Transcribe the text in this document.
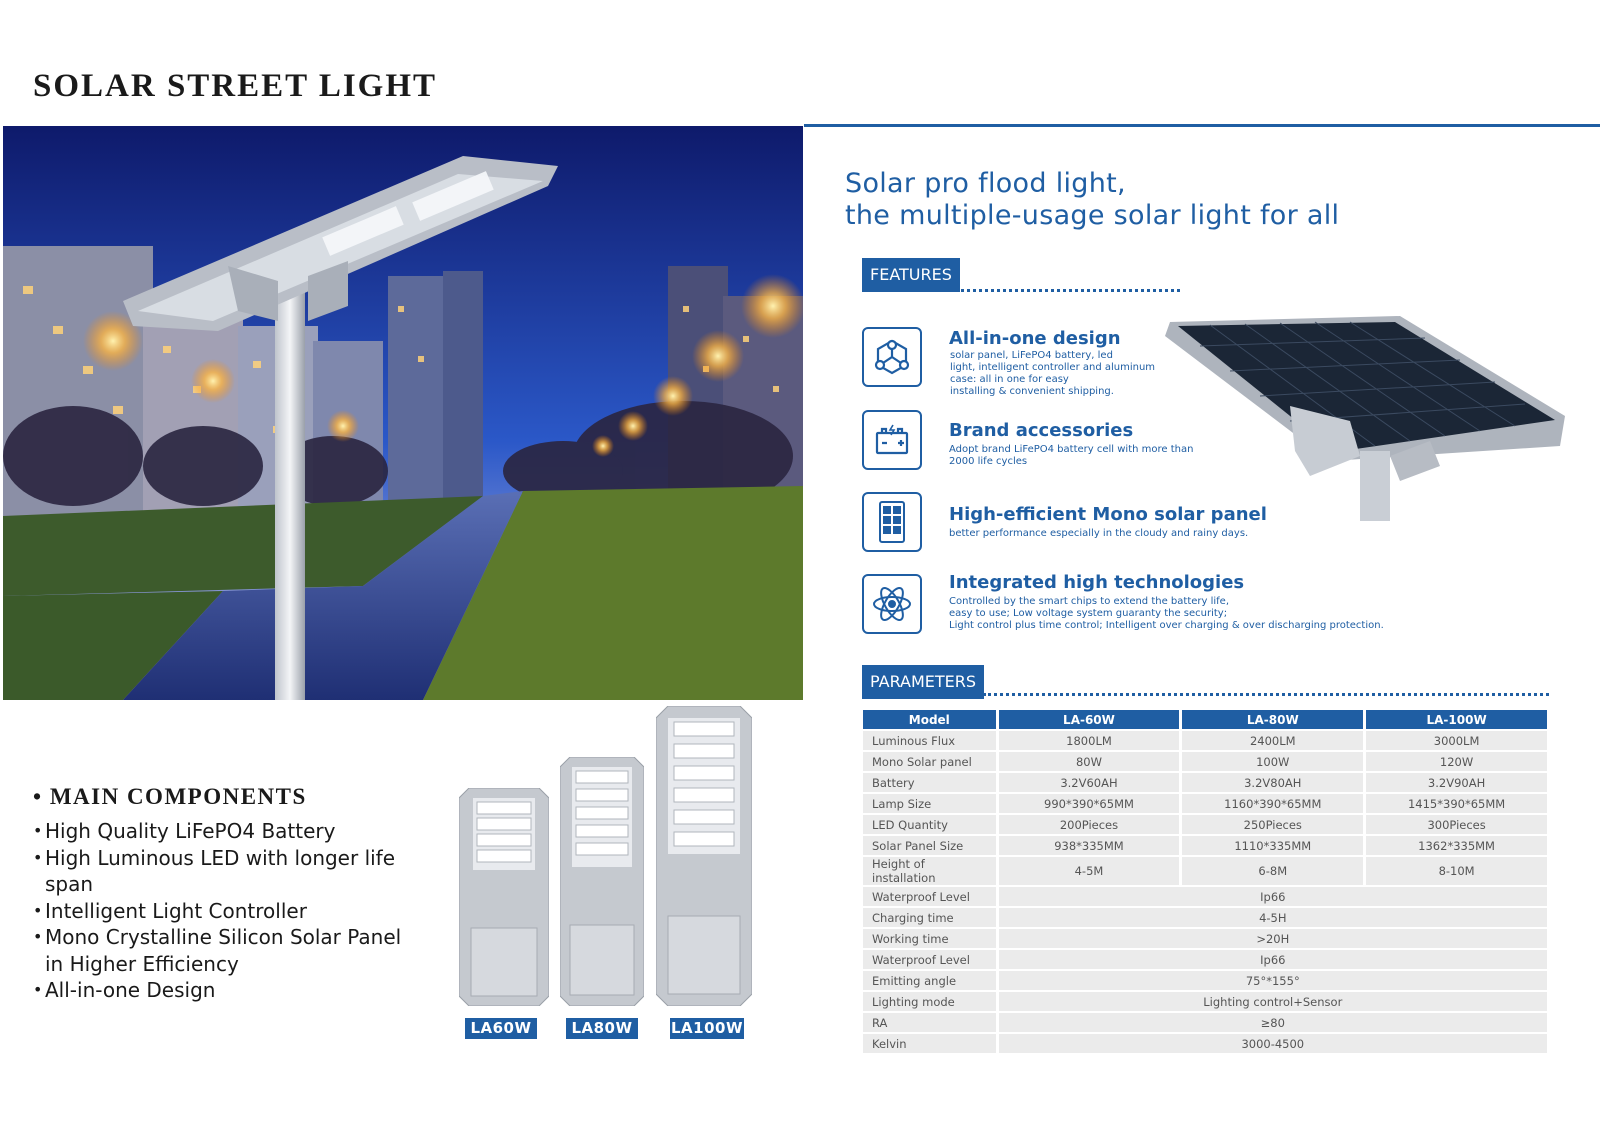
SOLAR STREET LIGHT
Solar pro flood light,
the multiple-usage solar light for all
FEATURES
All-in-one design
solar panel, LiFePO4 battery, led
light, intelligent controller and aluminum
case: all in one for easy
installing & convenient shipping.
Brand accessories
Adopt brand LiFePO4 battery cell with more than
2000 life cycles
High-efficient Mono solar panel
better performance especially in the cloudy and rainy days.
Integrated high technologies
Controlled by the smart chips to extend the battery life,
easy to use; Low voltage system guaranty the security;
Light control plus time control; Intelligent over charging & over discharging protection.
PARAMETERS
Model	LA-60W	LA-80W	LA-100W
Luminous Flux	1800LM	2400LM	3000LM
Mono Solar panel	80W	100W	120W
Battery	3.2V60AH	3.2V80AH	3.2V90AH
Lamp Size	990*390*65MM	1160*390*65MM	1415*390*65MM
LED Quantity	200Pieces	250Pieces	300Pieces
Solar Panel Size	938*335MM	1110*335MM	1362*335MM
Height of installation	4-5M	6-8M	8-10M
Waterproof Level	Ip66		
Charging time	4-5H		
Working time	>20H		
Waterproof Level	Ip66		
Emitting angle	75°*155°		
Lighting mode	Lighting control+Sensor		
RA	≥80		
Kelvin	3000-4500		
• MAIN COMPONENTS
• High Quality LiFePO4 Battery
• High Luminous LED with longer life span
• Intelligent Light Controller
• Mono Crystalline Silicon Solar Panel in Higher Efficiency
• All-in-one Design
LA60W	LA80W	LA100W
